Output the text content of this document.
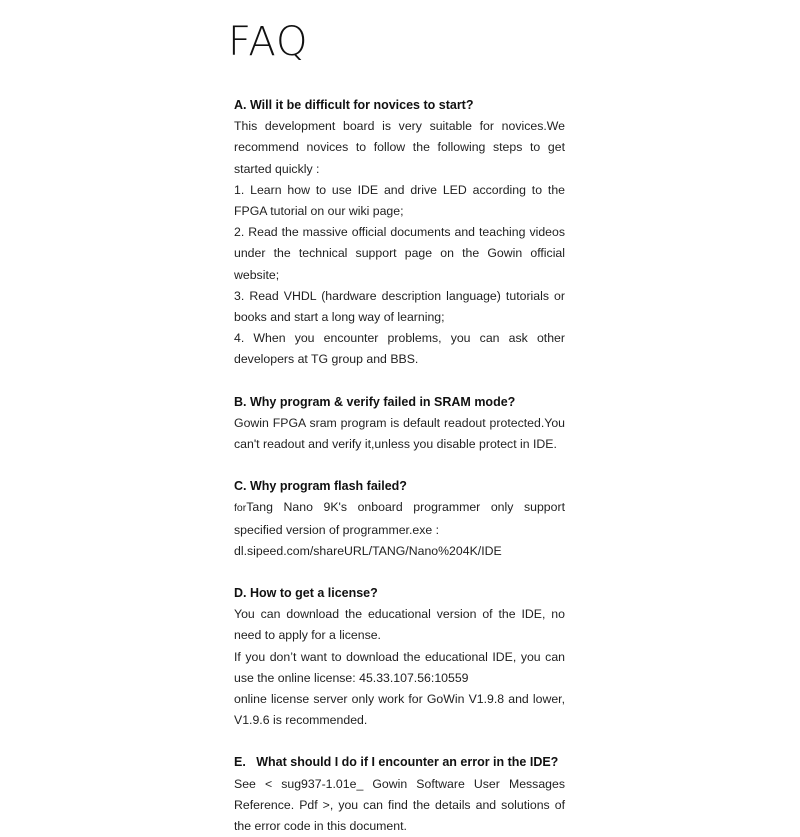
FAQ
A. Will it be difficult for novices to start?
This development board is very suitable for novices.We recommend novices to follow the following steps to get started quickly :
1. Learn how to use IDE and drive LED according to the FPGA tutorial on our wiki page;
2. Read the massive official documents and teaching videos under the technical support page on the Gowin official website;
3. Read VHDL (hardware description language) tutorials or books and start a long way of learning;
4. When you encounter problems, you can ask other developers at TG group and BBS.
B. Why program & verify failed in SRAM mode?
Gowin FPGA sram program is default readout protected.You can't readout and verify it,unless you disable protect in IDE.
C. Why program flash failed?
forTang Nano 9K's onboard programmer only support specified version of programmer.exe :
dl.sipeed.com/shareURL/TANG/Nano%204K/IDE
D. How to get a license?
You can download the educational version of the IDE, no need to apply for a license.
If you don’t want to download the educational IDE, you can use the online license: 45.33.107.56:10559
online license server only work for GoWin V1.9.8 and lower, V1.9.6 is recommended.
E.   What should I do if I encounter an error in the IDE?
See < sug937-1.01e_ Gowin Software User Messages Reference. Pdf >, you can find the details and solutions of the error code in this document.
